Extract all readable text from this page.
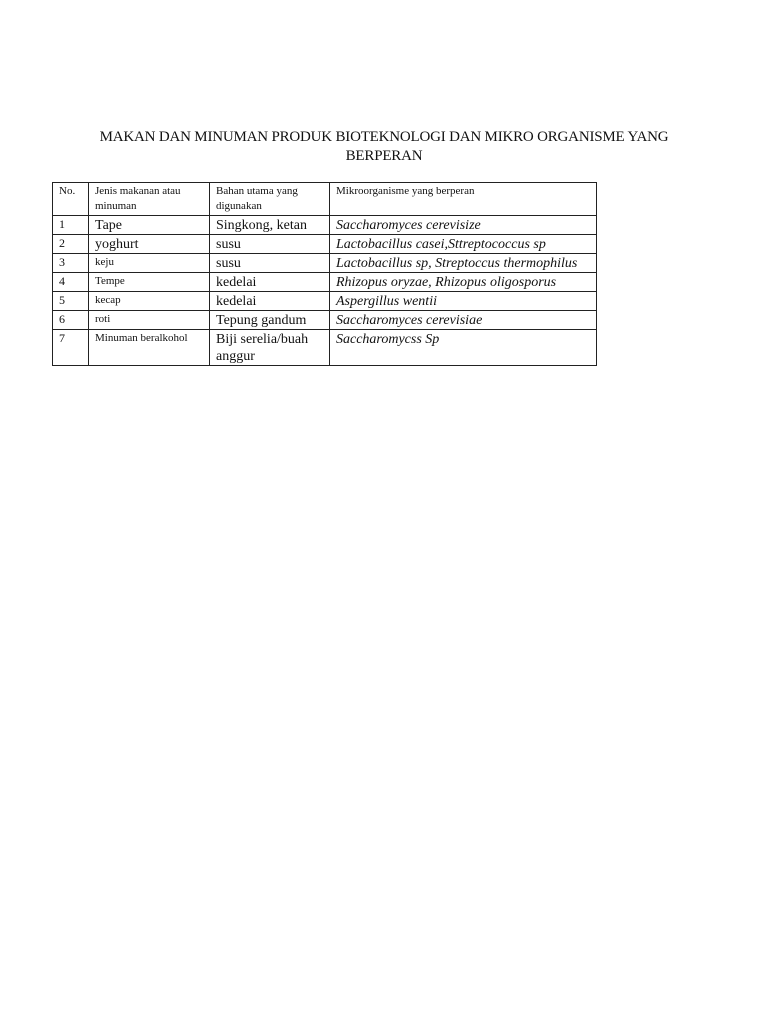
MAKAN DAN MINUMAN PRODUK BIOTEKNOLOGI DAN MIKRO ORGANISME YANG
BERPERAN
No.	Jenis makanan atau minuman	Bahan utama yang digunakan	Mikroorganisme yang berperan
1	Tape	Singkong, ketan	Saccharomyces cerevisize
2	yoghurt	susu	Lactobacillus casei,Sttreptococcus sp
3	keju	susu	Lactobacillus sp, Streptoccus thermophilus
4	Tempe	kedelai	Rhizopus oryzae, Rhizopus oligosporus
5	kecap	kedelai	Aspergillus wentii
6	roti	Tepung gandum	Saccharomyces cerevisiae
7	Minuman beralkohol	Biji serelia/buah anggur	Saccharomycss Sp
